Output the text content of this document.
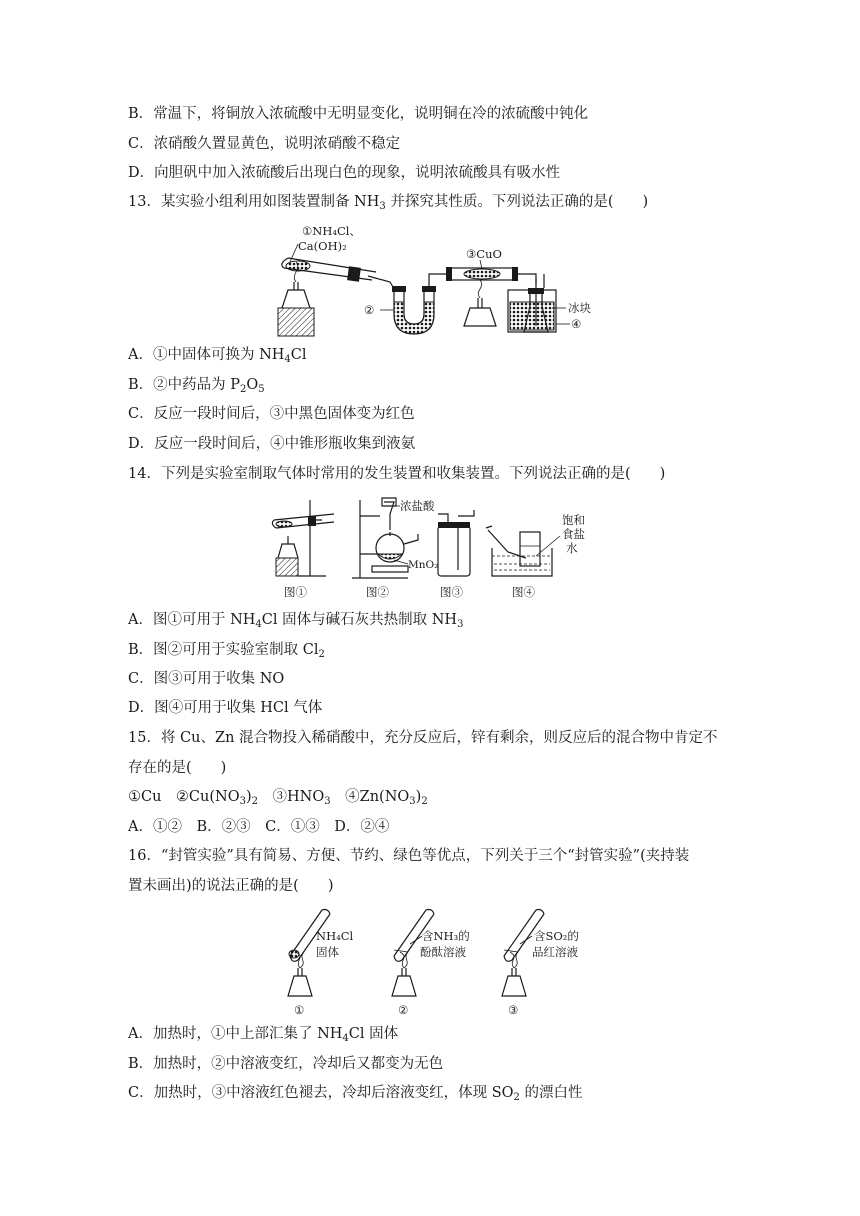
B．常温下，将铜放入浓硫酸中无明显变化，说明铜在冷的浓硫酸中钝化
C．浓硝酸久置显黄色，说明浓硝酸不稳定
D．向胆矾中加入浓硫酸后出现白色的现象，说明浓硫酸具有吸水性
13．某实验小组利用如图装置制备 $NH_3$ 并探究其性质。下列说法正确的是(　　)
①NH₄Cl、
Ca(OH)₂
②
③CuO
冰块
④
A．①中固体可换为 $NH_4Cl$
B．②中药品为 $P_2O_5$
C．反应一段时间后，③中黑色固体变为红色
D．反应一段时间后，④中锥形瓶收集到液氨
14．下列是实验室制取气体时常用的发生装置和收集装置。下列说法正确的是(　　)
图①
浓盐酸
MnO₂
图②	图③
饱和
食盐
水
图④
A．图①可用于 $NH_4Cl$ 固体与碱石灰共热制取 $NH_3$
B．图②可用于实验室制取 $Cl_2$
C．图③可用于收集 NO
D．图④可用于收集 HCl 气体
15．将 Cu、Zn 混合物投入稀硝酸中，充分反应后，锌有剩余，则反应后的混合物中肯定不
存在的是(　　)
①Cu　$②Cu(NO_3)_2$　$③HNO_3$　$④Zn(NO_3)_2$
A．①②　B．②③　C．①③　D．②④
16．“封管实验”具有简易、方便、节约、绿色等优点，下列关于三个“封管实验”(夹持装
置未画出)的说法正确的是(　　)
NH₄Cl
固体
①
含NH₃的
酚酞溶液
②
含SO₂的
品红溶液
③
A．加热时，①中上部汇集了 $NH_4Cl$ 固体
B．加热时，②中溶液变红，冷却后又都变为无色
C．加热时，③中溶液红色褪去，冷却后溶液变红，体现 $SO_2$ 的漂白性
